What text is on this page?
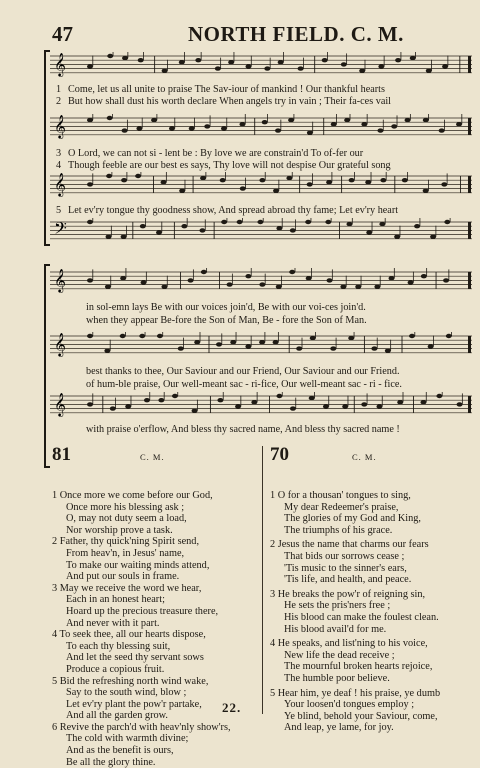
47	NORTH FIELD. C. M.
𝄞
1 Come, let us all unite to praise The Sav-iour of mankind ! Our thankful hearts
2 But how shall dust his worth declare When angels try in vain ; Their fa-ces vail
𝄞
3 O Lord, we can not si - lent be : By love we are constrain'd To of-fer our
4 Though feeble are our best es says, Thy love will not despise Our grateful song
𝄞
5 Let ev'ry tongue thy goodness show, And spread abroad thy fame; Let ev'ry heart
𝄢
𝄞
in sol-emn lays Be with our voices join'd, Be with our voi-ces join'd.
when they appear Be-fore the Son of Man, Be - fore the Son of Man.
𝄞
best thanks to thee, Our Saviour and our Friend, Our Saviour and our Friend.
of hum-ble praise, Our well-meant sac - ri-fice, Our well-meant sac - ri - fice.
𝄞
with praise o'erflow, And bless thy sacred name, And bless thy sacred name !
81	C. M.
1 Once more we come before our God,
Once more his blessing ask ;
O, may not duty seem a load,
Nor worship prove a task.
2 Father, thy quick'ning Spirit send,
From heav'n, in Jesus' name,
To make our waiting minds attend,
And put our souls in frame.
3 May we receive the word we hear,
Each in an honest heart;
Hoard up the precious treasure there,
And never with it part.
4 To seek thee, all our hearts dispose,
To each thy blessing suit,
And let the seed thy servant sows
Produce a copious fruit.
5 Bid the refreshing north wind wake,
Say to the south wind, blow ;
Let ev'ry plant the pow'r partake,
And all the garden grow.
6 Revive the parch'd with heav'nly show'rs,
The cold with warmth divine;
And as the benefit is ours,
Be all the glory thine.
70	C. M.
1 O for a thousan' tongues to sing,
My dear Redeemer's praise,
The glories of my God and King,
The triumphs of his grace.
2 Jesus the name that charms our fears
That bids our sorrows cease ;
'Tis music to the sinner's ears,
'Tis life, and health, and peace.
3 He breaks the pow'r of reigning sin,
He sets the pris'ners free ;
His blood can make the foulest clean.
His blood avail'd for me.
4 He speaks, and list'ning to his voice,
New life the dead receive ;
The mournful broken hearts rejoice,
The humble poor believe.
5 Hear him, ye deaf ! his praise, ye dumb
Your loosen'd tongues employ ;
Ye blind, behold your Saviour, come,
And leap, ye lame, for joy.
22.
